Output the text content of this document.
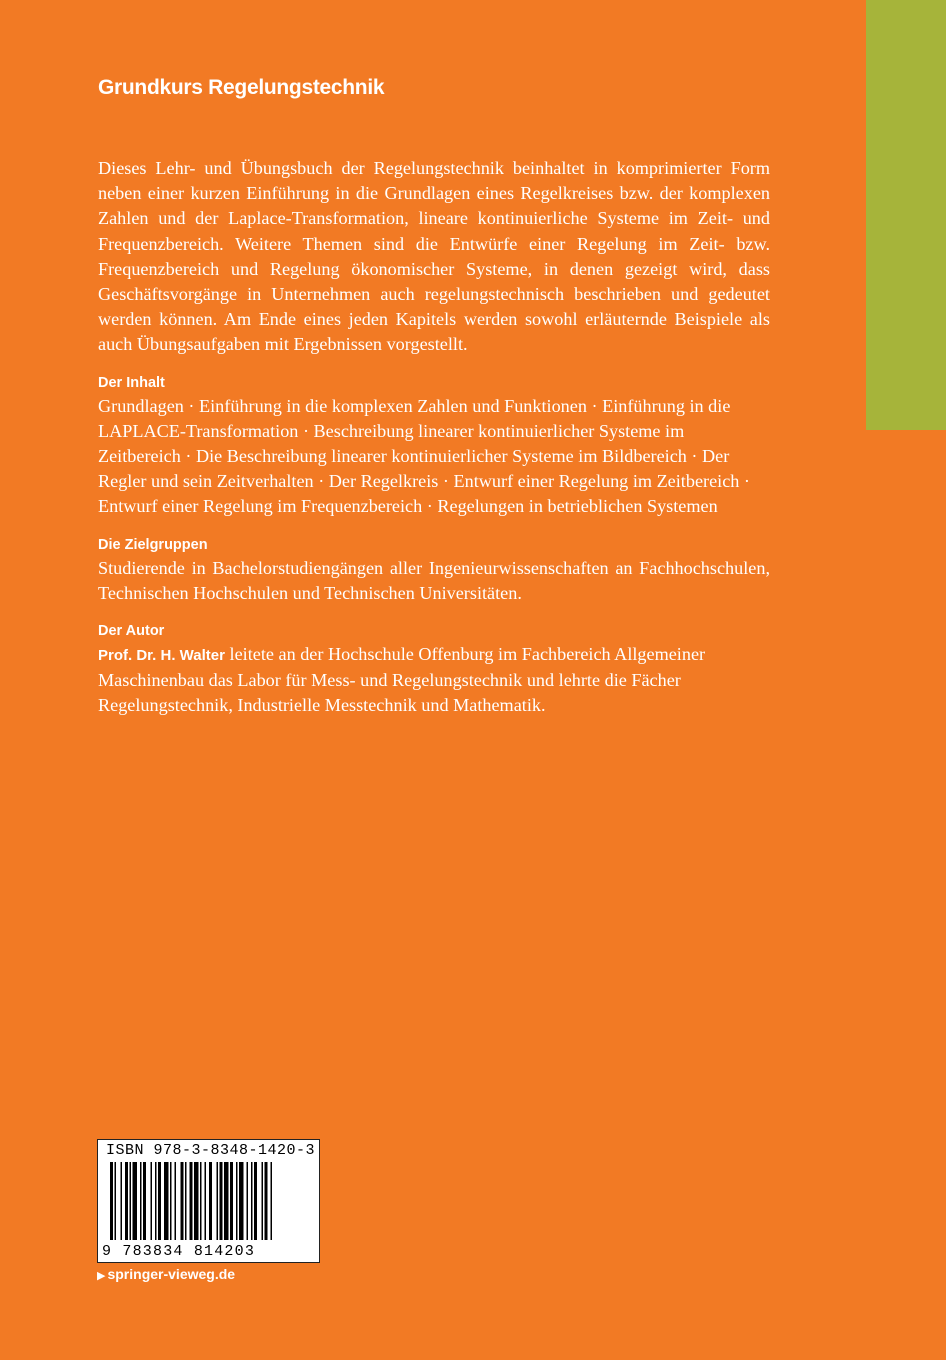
Grundkurs Regelungstechnik

Dieses Lehr- und Übungsbuch der Regelungstechnik beinhaltet in komprimierter Form neben einer kurzen Einführung in die Grundlagen eines Regelkreises bzw. der komplexen Zahlen und der Laplace-Transformation, lineare kontinuierliche Systeme im Zeit- und Frequenzbereich. Weitere Themen sind die Entwürfe einer Regelung im Zeit- bzw. Frequenzbereich und Regelung ökonomischer Systeme, in denen gezeigt wird, dass Geschäftsvorgänge in Unternehmen auch regelungstechnisch beschrieben und gedeutet werden können. Am Ende eines jeden Kapitels werden sowohl erläuternde Beispiele als auch Übungsaufgaben mit Ergebnissen vorgestellt.

Der Inhalt

Grundlagen · Einführung in die komplexen Zahlen und Funktionen · Einführung in die LAPLACE-Transformation · Beschreibung linearer kontinuierlicher Systeme im Zeitbereich · Die Beschreibung linearer kontinuierlicher Systeme im Bildbereich · Der Regler und sein Zeitverhalten · Der Regelkreis · Entwurf einer Regelung im Zeitbereich · Entwurf einer Regelung im Frequenzbereich · Regelungen in betrieblichen Systemen

Die Zielgruppen

Studierende in Bachelorstudiengängen aller Ingenieurwissenschaften an Fachhochschulen, Technischen Hochschulen und Technischen Universitäten.

Der Autor

Prof. Dr. H. Walter leitete an der Hochschule Offenburg im Fachbereich Allgemeiner Maschinenbau das Labor für Mess- und Regelungstechnik und lehrte die Fächer Regelungstechnik, Industrielle Messtechnik und Mathematik.

ISBN 978-3-8348-1420-3
9 783834 814203
▶ springer-vieweg.de
